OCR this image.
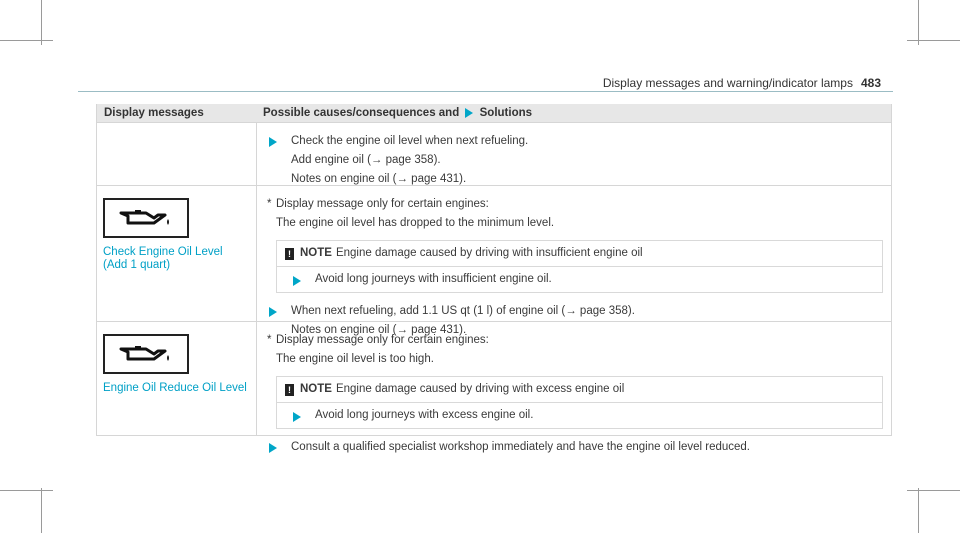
Display messages and warning/indicator lamps 483
Display messages	Possible causes/consequences and Solutions
Check the engine oil level when next refueling.
Add engine oil (→ page 358).
Notes on engine oil (→ page 431).
Check Engine Oil Level
(Add 1 quart)
* Display message only for certain engines:
The engine oil level has dropped to the minimum level.
! NOTE Engine damage caused by driving with insufficient engine oil
Avoid long journeys with insufficient engine oil.
When next refueling, add 1.1 US qt (1 l) of engine oil (→ page 358).
Notes on engine oil (→ page 431).
Engine Oil Reduce Oil Level
* Display message only for certain engines:
The engine oil level is too high.
! NOTE Engine damage caused by driving with excess engine oil
Avoid long journeys with excess engine oil.
Consult a qualified specialist workshop immediately and have the engine oil level reduced.
